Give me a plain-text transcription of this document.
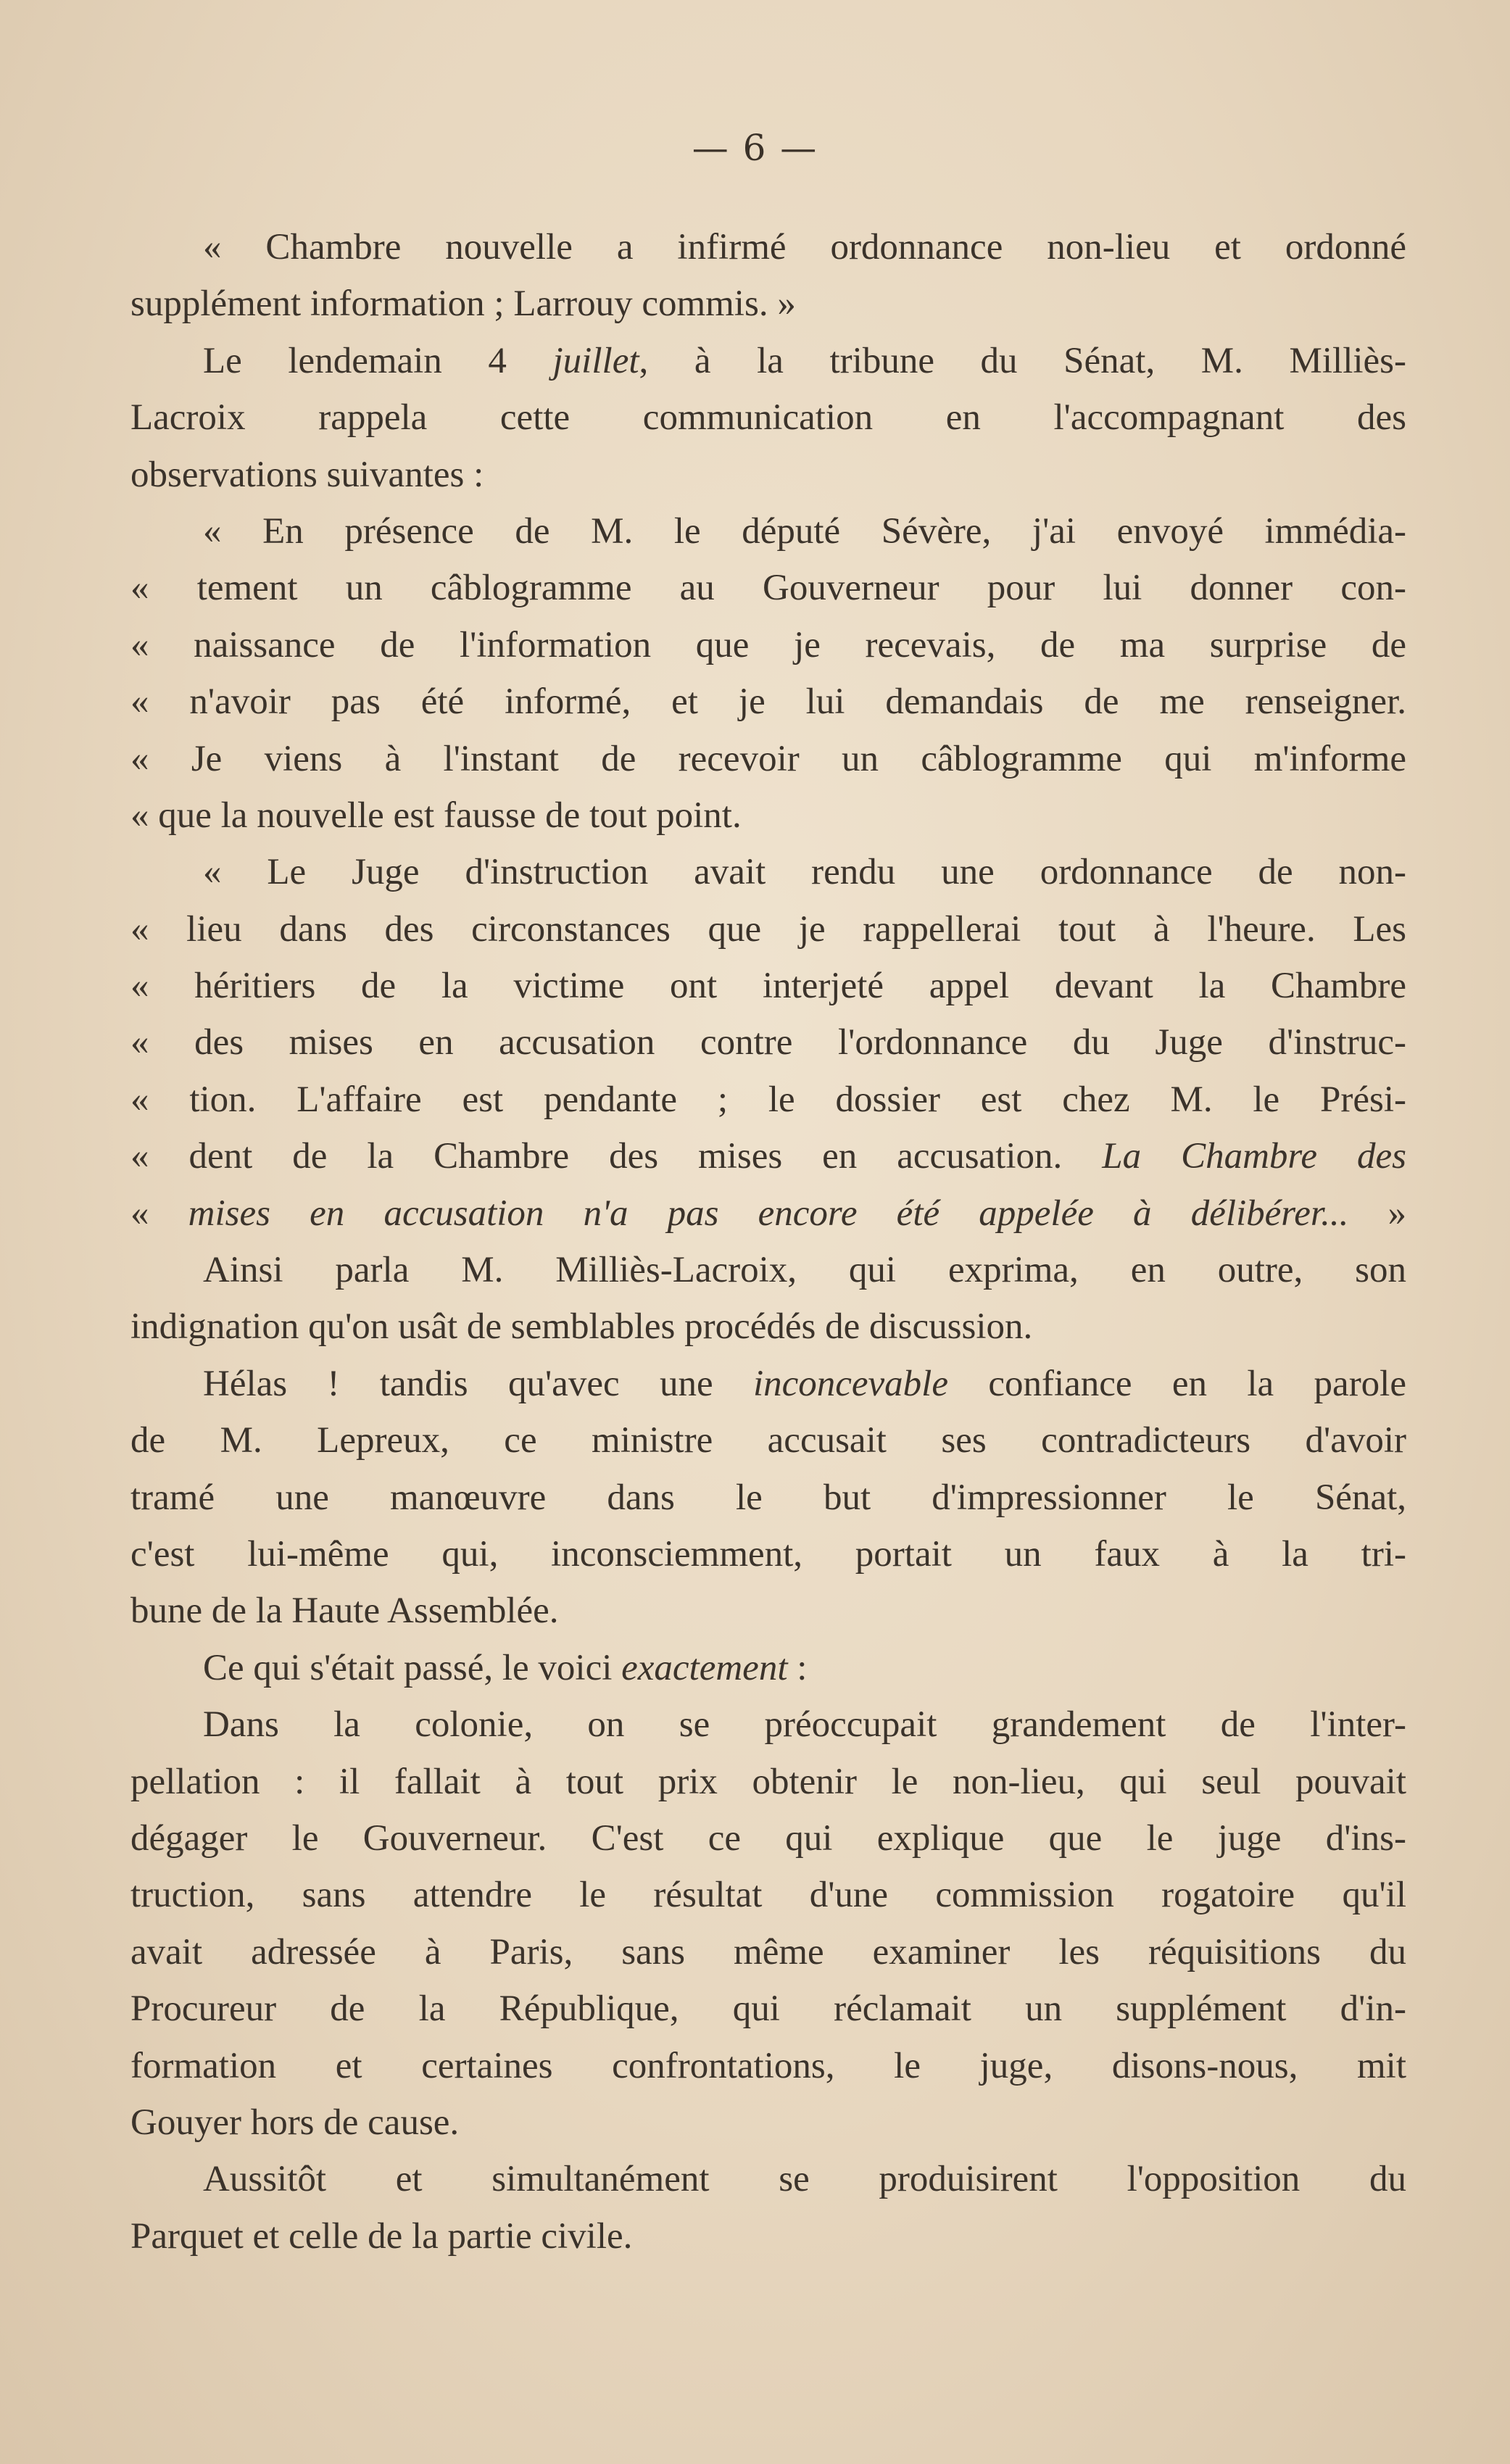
— 6 —
« Chambre nouvelle a infirmé ordonnance non-lieu et ordonné
supplément information ; Larrouy commis. »
Le lendemain 4 juillet, à la tribune du Sénat, M. Milliès-
Lacroix rappela cette communication en l'accompagnant des
observations suivantes :
« En présence de M. le député Sévère, j'ai envoyé immédia-
« tement un câblogramme au Gouverneur pour lui donner con-
« naissance de l'information que je recevais, de ma surprise de
« n'avoir pas été informé, et je lui demandais de me renseigner.
« Je viens à l'instant de recevoir un câblogramme qui m'informe
« que la nouvelle est fausse de tout point.
« Le Juge d'instruction avait rendu une ordonnance de non-
« lieu dans des circonstances que je rappellerai tout à l'heure. Les
« héritiers de la victime ont interjeté appel devant la Chambre
« des mises en accusation contre l'ordonnance du Juge d'instruc-
« tion. L'affaire est pendante ; le dossier est chez M. le Prési-
« dent de la Chambre des mises en accusation. La Chambre des
« mises en accusation n'a pas encore été appelée à délibérer... »
Ainsi parla M. Milliès-Lacroix, qui exprima, en outre, son
indignation qu'on usât de semblables procédés de discussion.
Hélas ! tandis qu'avec une inconcevable confiance en la parole
de M. Lepreux, ce ministre accusait ses contradicteurs d'avoir
tramé une manœuvre dans le but d'impressionner le Sénat,
c'est lui-même qui, inconsciemment, portait un faux à la tri-
bune de la Haute Assemblée.
Ce qui s'était passé, le voici exactement :
Dans la colonie, on se préoccupait grandement de l'inter-
pellation : il fallait à tout prix obtenir le non-lieu, qui seul pouvait
dégager le Gouverneur. C'est ce qui explique que le juge d'ins-
truction, sans attendre le résultat d'une commission rogatoire qu'il
avait adressée à Paris, sans même examiner les réquisitions du
Procureur de la République, qui réclamait un supplément d'in-
formation et certaines confrontations, le juge, disons-nous, mit
Gouyer hors de cause.
Aussitôt et simultanément se produisirent l'opposition du
Parquet et celle de la partie civile.
